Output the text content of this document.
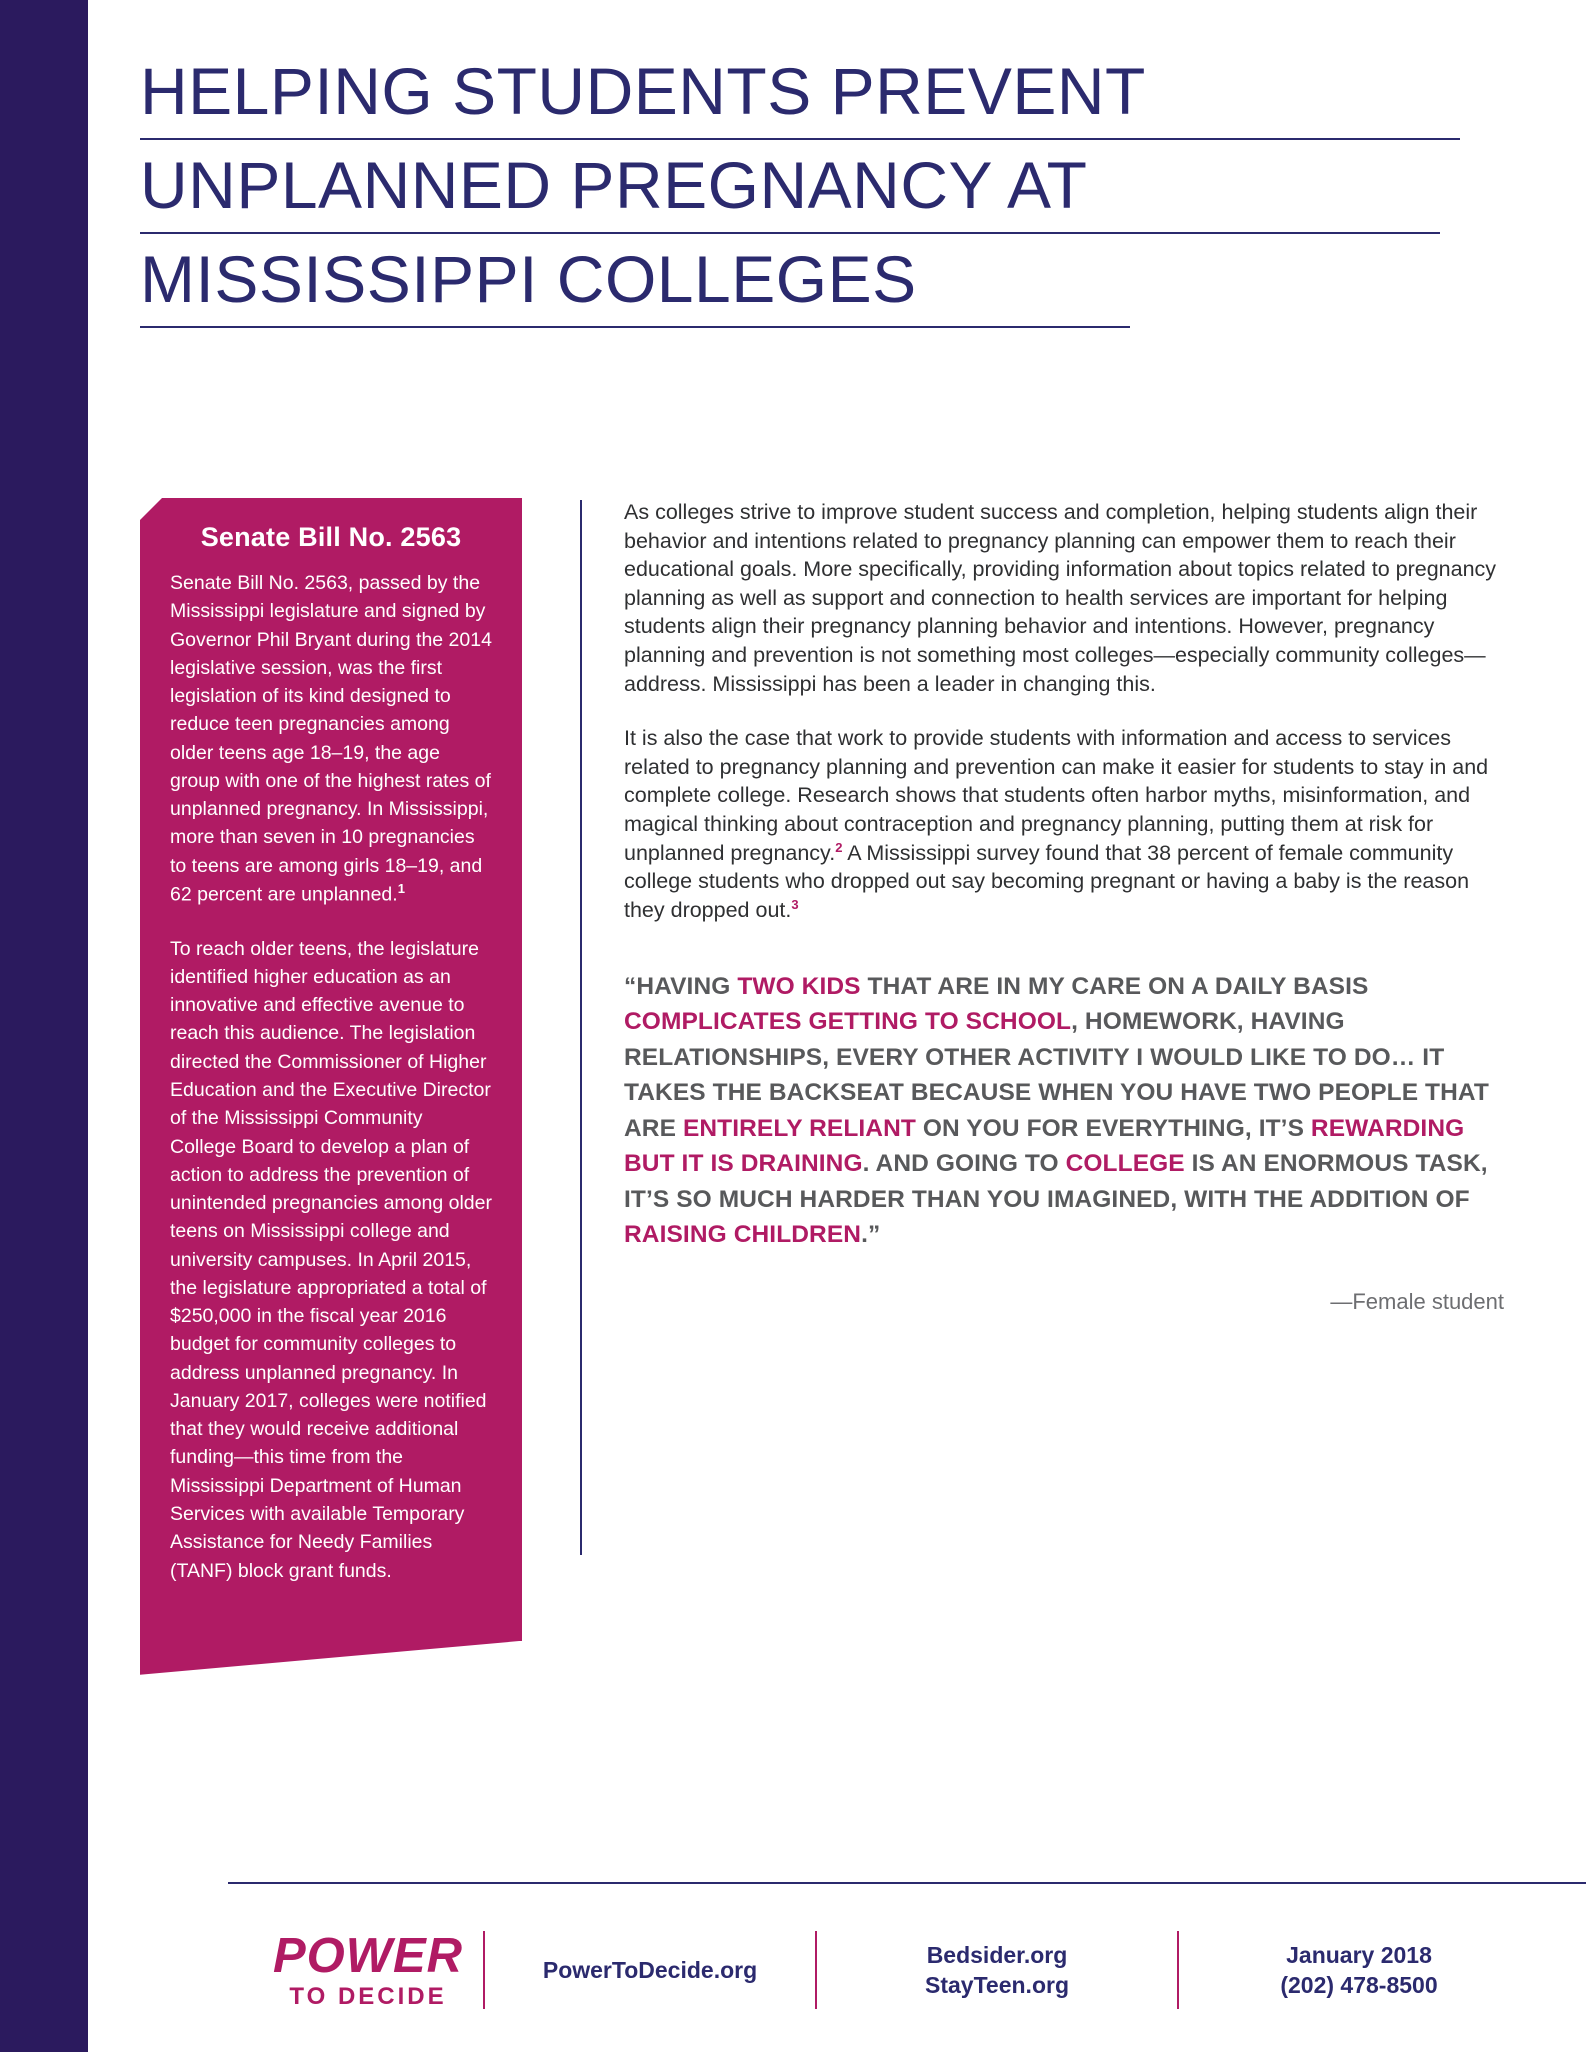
HELPING STUDENTS PREVENT UNPLANNED PREGNANCY AT MISSISSIPPI COLLEGES
Senate Bill No. 2563

Senate Bill No. 2563, passed by the Mississippi legislature and signed by Governor Phil Bryant during the 2014 legislative session, was the first legislation of its kind designed to reduce teen pregnancies among older teens age 18–19, the age group with one of the highest rates of unplanned pregnancy. In Mississippi, more than seven in 10 pregnancies to teens are among girls 18–19, and 62 percent are unplanned.$^1$

To reach older teens, the legislature identified higher education as an innovative and effective avenue to reach this audience. The legislation directed the Commissioner of Higher Education and the Executive Director of the Mississippi Community College Board to develop a plan of action to address the prevention of unintended pregnancies among older teens on Mississippi college and university campuses. In April 2015, the legislature appropriated a total of $250,000 in the fiscal year 2016 budget for community colleges to address unplanned pregnancy. In January 2017, colleges were notified that they would receive additional funding—this time from the Mississippi Department of Human Services with available Temporary Assistance for Needy Families (TANF) block grant funds.

As colleges strive to improve student success and completion, helping students align their behavior and intentions related to pregnancy planning can empower them to reach their educational goals. More specifically, providing information about topics related to pregnancy planning as well as support and connection to health services are important for helping students align their pregnancy planning behavior and intentions. However, pregnancy planning and prevention is not something most colleges—especially community colleges—address. Mississippi has been a leader in changing this.

It is also the case that work to provide students with information and access to services related to pregnancy planning and prevention can make it easier for students to stay in and complete college. Research shows that students often harbor myths, misinformation, and magical thinking about contraception and pregnancy planning, putting them at risk for unplanned pregnancy.$^2$ A Mississippi survey found that 38 percent of female community college students who dropped out say becoming pregnant or having a baby is the reason they dropped out.$^3$

“HAVING TWO KIDS THAT ARE IN MY CARE ON A DAILY BASIS COMPLICATES GETTING TO SCHOOL, HOMEWORK, HAVING RELATIONSHIPS, EVERY OTHER ACTIVITY I WOULD LIKE TO DO… IT TAKES THE BACKSEAT BECAUSE WHEN YOU HAVE TWO PEOPLE THAT ARE ENTIRELY RELIANT ON YOU FOR EVERYTHING, IT’S REWARDING BUT IT IS DRAINING. AND GOING TO COLLEGE IS AN ENORMOUS TASK, IT’S SO MUCH HARDER THAN YOU IMAGINED, WITH THE ADDITION OF RAISING CHILDREN.”
—Female student
POWER
TO DECIDE
PowerToDecide.org
Bedsider.org
StayTeen.org
January 2018
(202) 478-8500
